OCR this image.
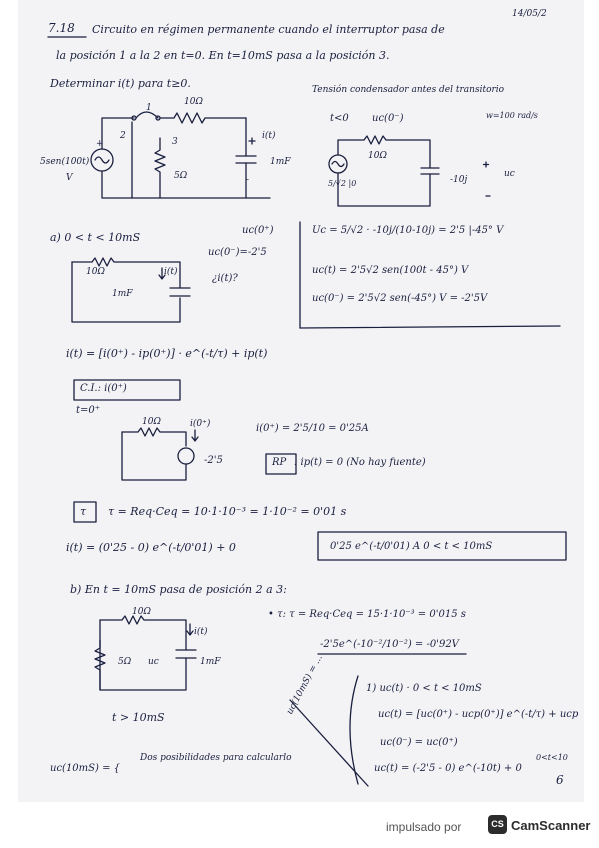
7.18 Circuito en régimen permanente cuando el interruptor pasa de
14/05/2
la posición 1 a la 2 en t=0. En t=10mS pasa a la posición 3.
Determinar i(t) para t≥0.	Tensión condensador antes del transitorio
w=100 rad/s
t<0 uc(0⁻)
10Ω
-10j
uc
5/√2 |0
1
2
3
10Ω
i(t)
1mF
5Ω
+
-
5sen(100t)
V
Uc = 5/√2 · -10j/(10-10j) = 2'5 |-45° V
uc(t) = 2'5√2 sen(100t - 45°) V
uc(0⁻) = 2'5√2 sen(-45°) V = -2'5V
a) 0 < t < 10mS
uc(0⁺)
uc(0⁻)=-2'5
¿i(t)?
10Ω	i(t)
1mF
i(t) = [i(0⁺) - ip(0⁺)] · e^(-t/τ) + ip(t)
C.I.: i(0⁺)
t=0⁺
10Ω	i(0⁺)
-2'5
i(0⁺) = 2'5/10 = 0'25A
RP : ip(t) = 0 (No hay fuente)
τ τ = Req·Ceq = 10·1·10⁻³ = 1·10⁻² = 0'01 s
i(t) = (0'25 - 0) e^(-t/0'01) + 0	0'25 e^(-t/0'01) A 0 < t < 10mS
b) En t = 10mS pasa de posición 2 a 3:
• τ: τ = Req·Ceq = 15·1·10⁻³ = 0'015 s
-2'5e^(-10⁻²/10⁻²) = -0'92V
10Ω
5Ω
i(t)
uc	1mF
t > 10mS
uc(10mS) = {
Dos posibilidades para calcularlo
1) uc(t) · 0 < t < 10mS
uc(t) = [uc(0⁺) - ucp(0⁺)] e^(-t/τ) + ucp
uc(0⁻) = uc(0⁺)
uc(t) = (-2'5 - 0) e^(-10t) + 0
0<t<10
uc(10mS) = ...
6
impulsado por	CS CamScanner
